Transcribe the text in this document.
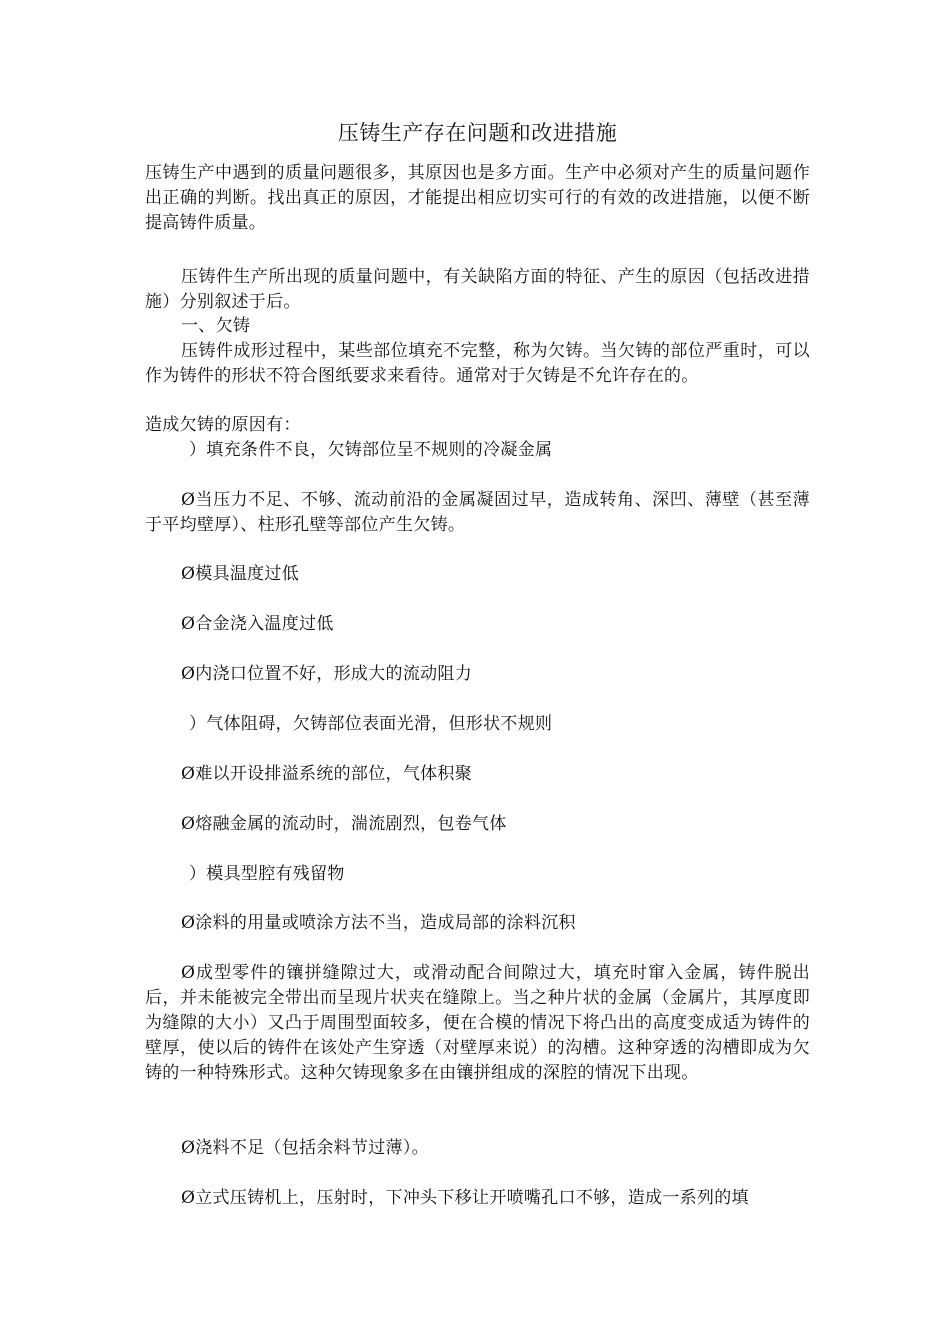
压铸生产存在问题和改进措施

压铸生产中遇到的质量问题很多，其原因也是多方面。生产中必须对产生的质量问题作出正确的判断。找出真正的原因，才能提出相应切实可行的有效的改进措施，以便不断提高铸件质量。

压铸件生产所出现的质量问题中，有关缺陷方面的特征、产生的原因（包括改进措施）分别叙述于后。

一、欠铸

压铸件成形过程中，某些部位填充不完整，称为欠铸。当欠铸的部位严重时，可以作为铸件的形状不符合图纸要求来看待。通常对于欠铸是不允许存在的。

造成欠铸的原因有：

）填充条件不良，欠铸部位呈不规则的冷凝金属

Ø当压力不足、不够、流动前沿的金属凝固过早，造成转角、深凹、薄壁（甚至薄于平均壁厚）、柱形孔壁等部位产生欠铸。

Ø模具温度过低

Ø合金浇入温度过低

Ø内浇口位置不好，形成大的流动阻力

）气体阻碍，欠铸部位表面光滑，但形状不规则

Ø难以开设排溢系统的部位，气体积聚

Ø熔融金属的流动时，湍流剧烈，包卷气体

）模具型腔有残留物

Ø涂料的用量或喷涂方法不当，造成局部的涂料沉积

Ø成型零件的镶拼缝隙过大，或滑动配合间隙过大，填充时窜入金属，铸件脱出后，并未能被完全带出而呈现片状夹在缝隙上。当之种片状的金属（金属片，其厚度即为缝隙的大小）又凸于周围型面较多，便在合模的情况下将凸出的高度变成适为铸件的壁厚，使以后的铸件在该处产生穿透（对壁厚来说）的沟槽。这种穿透的沟槽即成为欠铸的一种特殊形式。这种欠铸现象多在由镶拼组成的深腔的情况下出现。

Ø浇料不足（包括余料节过薄）。

Ø立式压铸机上，压射时，下冲头下移让开喷嘴孔口不够，造成一系列的填
